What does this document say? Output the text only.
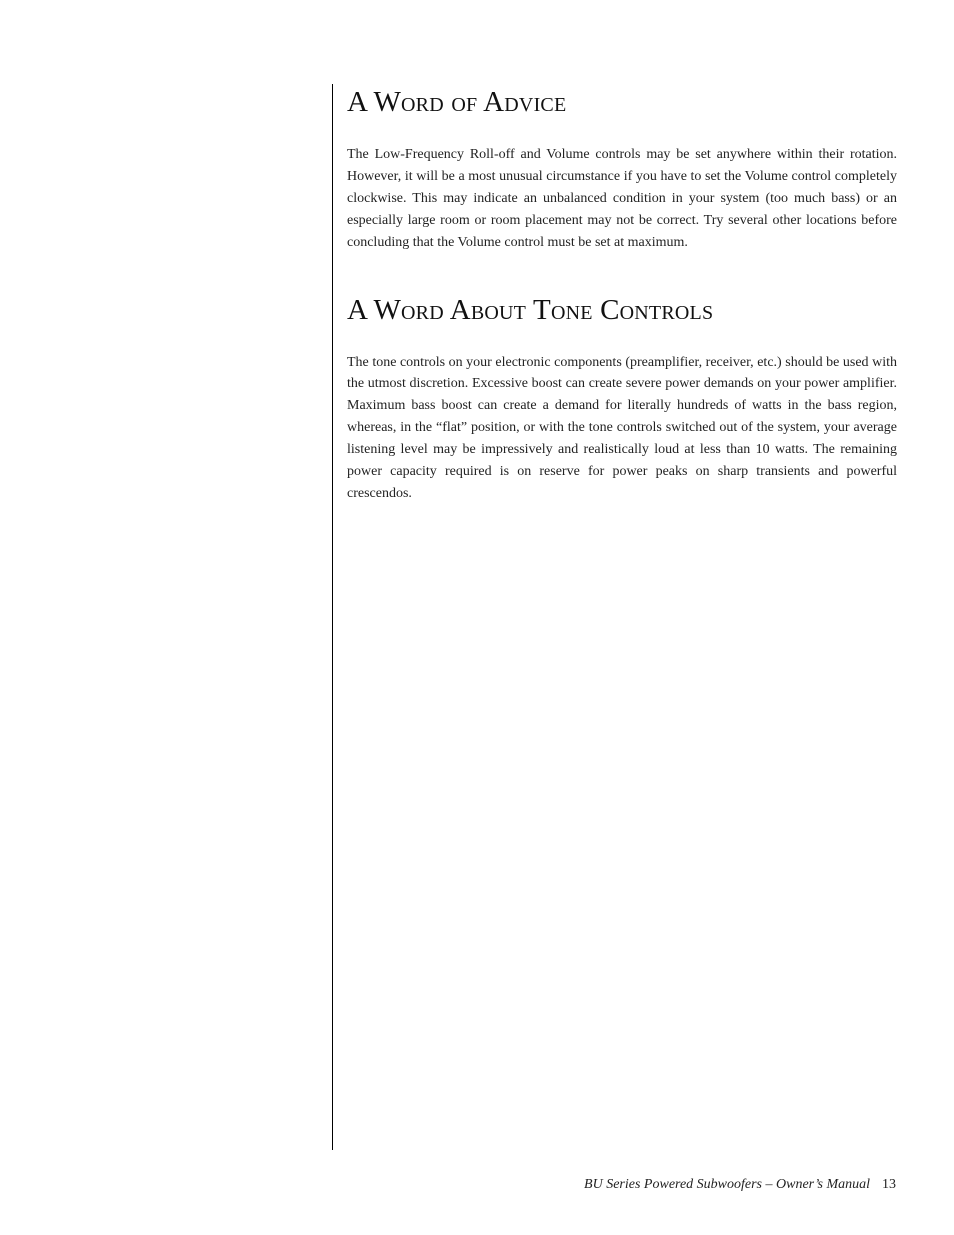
A Word of Advice

The Low-Frequency Roll-off and Volume controls may be set anywhere within their rotation. However, it will be a most unusual circumstance if you have to set the Volume control completely clockwise. This may indicate an unbalanced condition in your system (too much bass) or an especially large room or room placement may not be correct. Try several other locations before concluding that the Volume control must be set at maximum.

A Word About Tone Controls

The tone controls on your electronic components (preamplifier, receiver, etc.) should be used with the utmost discretion. Excessive boost can create severe power demands on your power amplifier. Maximum bass boost can create a demand for literally hundreds of watts in the bass region, whereas, in the “flat” position, or with the tone controls switched out of the system, your average listening level may be impressively and realistically loud at less than 10 watts. The remaining power capacity required is on reserve for power peaks on sharp transients and powerful crescendos.

BU Series Powered Subwoofers – Owner’s Manual 13
